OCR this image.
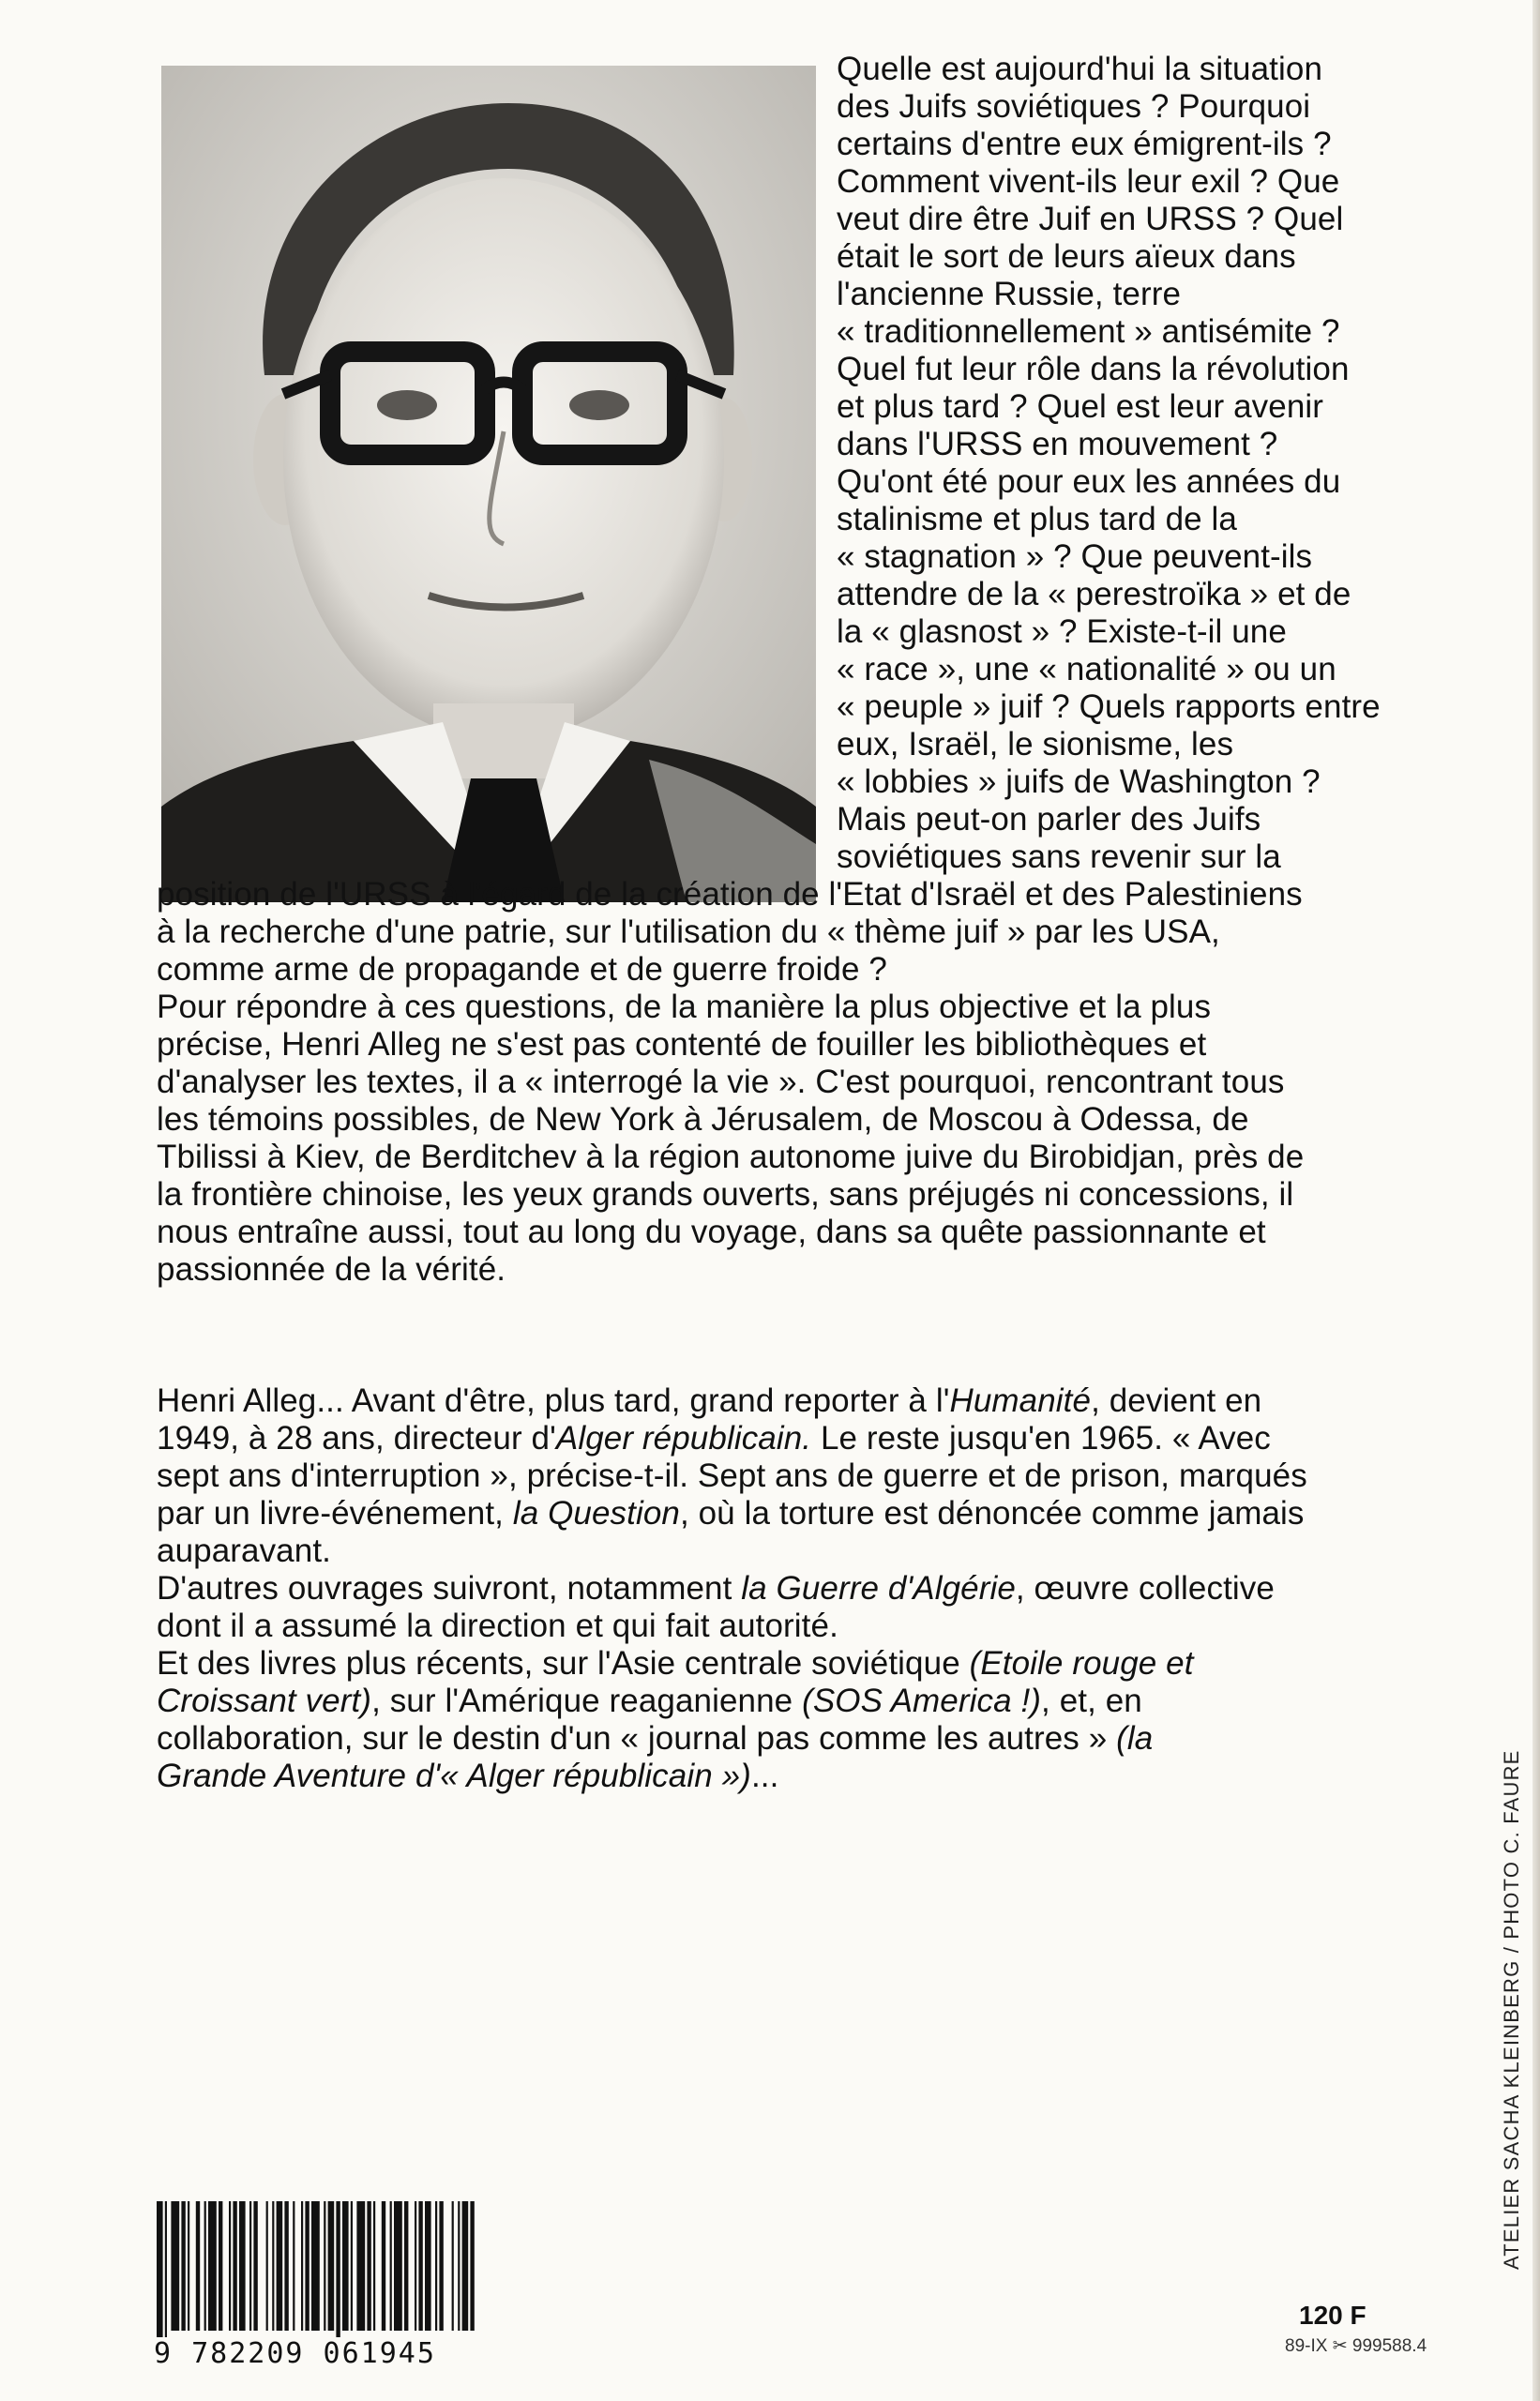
Quelle est aujourd'hui la situation
des Juifs soviétiques ? Pourquoi
certains d'entre eux émigrent-ils ?
Comment vivent-ils leur exil ? Que
veut dire être Juif en URSS ? Quel
était le sort de leurs aïeux dans
l'ancienne Russie, terre
« traditionnellement » antisémite ?
Quel fut leur rôle dans la révolution
et plus tard ? Quel est leur avenir
dans l'URSS en mouvement ?
Qu'ont été pour eux les années du
stalinisme et plus tard de la
« stagnation » ? Que peuvent-ils
attendre de la « perestroïka » et de
la « glasnost » ? Existe-t-il une
« race », une « nationalité » ou un
« peuple » juif ? Quels rapports entre
eux, Israël, le sionisme, les
« lobbies » juifs de Washington ?
Mais peut-on parler des Juifs
soviétiques sans revenir sur la
position de l'URSS à l'égard de la création de l'Etat d'Israël et des Palestiniens
à la recherche d'une patrie, sur l'utilisation du « thème juif » par les USA,
comme arme de propagande et de guerre froide ?
Pour répondre à ces questions, de la manière la plus objective et la plus
précise, Henri Alleg ne s'est pas contenté de fouiller les bibliothèques et
d'analyser les textes, il a « interrogé la vie ». C'est pourquoi, rencontrant tous
les témoins possibles, de New York à Jérusalem, de Moscou à Odessa, de
Tbilissi à Kiev, de Berditchev à la région autonome juive du Birobidjan, près de
la frontière chinoise, les yeux grands ouverts, sans préjugés ni concessions, il
nous entraîne aussi, tout au long du voyage, dans sa quête passionnante et
passionnée de la vérité.
Henri Alleg... Avant d'être, plus tard, grand reporter à l'Humanité, devient en
1949, à 28 ans, directeur d'Alger républicain. Le reste jusqu'en 1965. « Avec
sept ans d'interruption », précise-t-il. Sept ans de guerre et de prison, marqués
par un livre-événement, la Question, où la torture est dénoncée comme jamais
auparavant.
D'autres ouvrages suivront, notamment la Guerre d'Algérie, œuvre collective
dont il a assumé la direction et qui fait autorité.
Et des livres plus récents, sur l'Asie centrale soviétique (Etoile rouge et
Croissant vert), sur l'Amérique reaganienne (SOS America !), et, en
collaboration, sur le destin d'un « journal pas comme les autres » (la
Grande Aventure d'« Alger républicain »)...	ATELIER SACHA KLEINBERG / PHOTO C. FAURE
9 782209 061945
120 F
89-IX ✂ 999588.4
